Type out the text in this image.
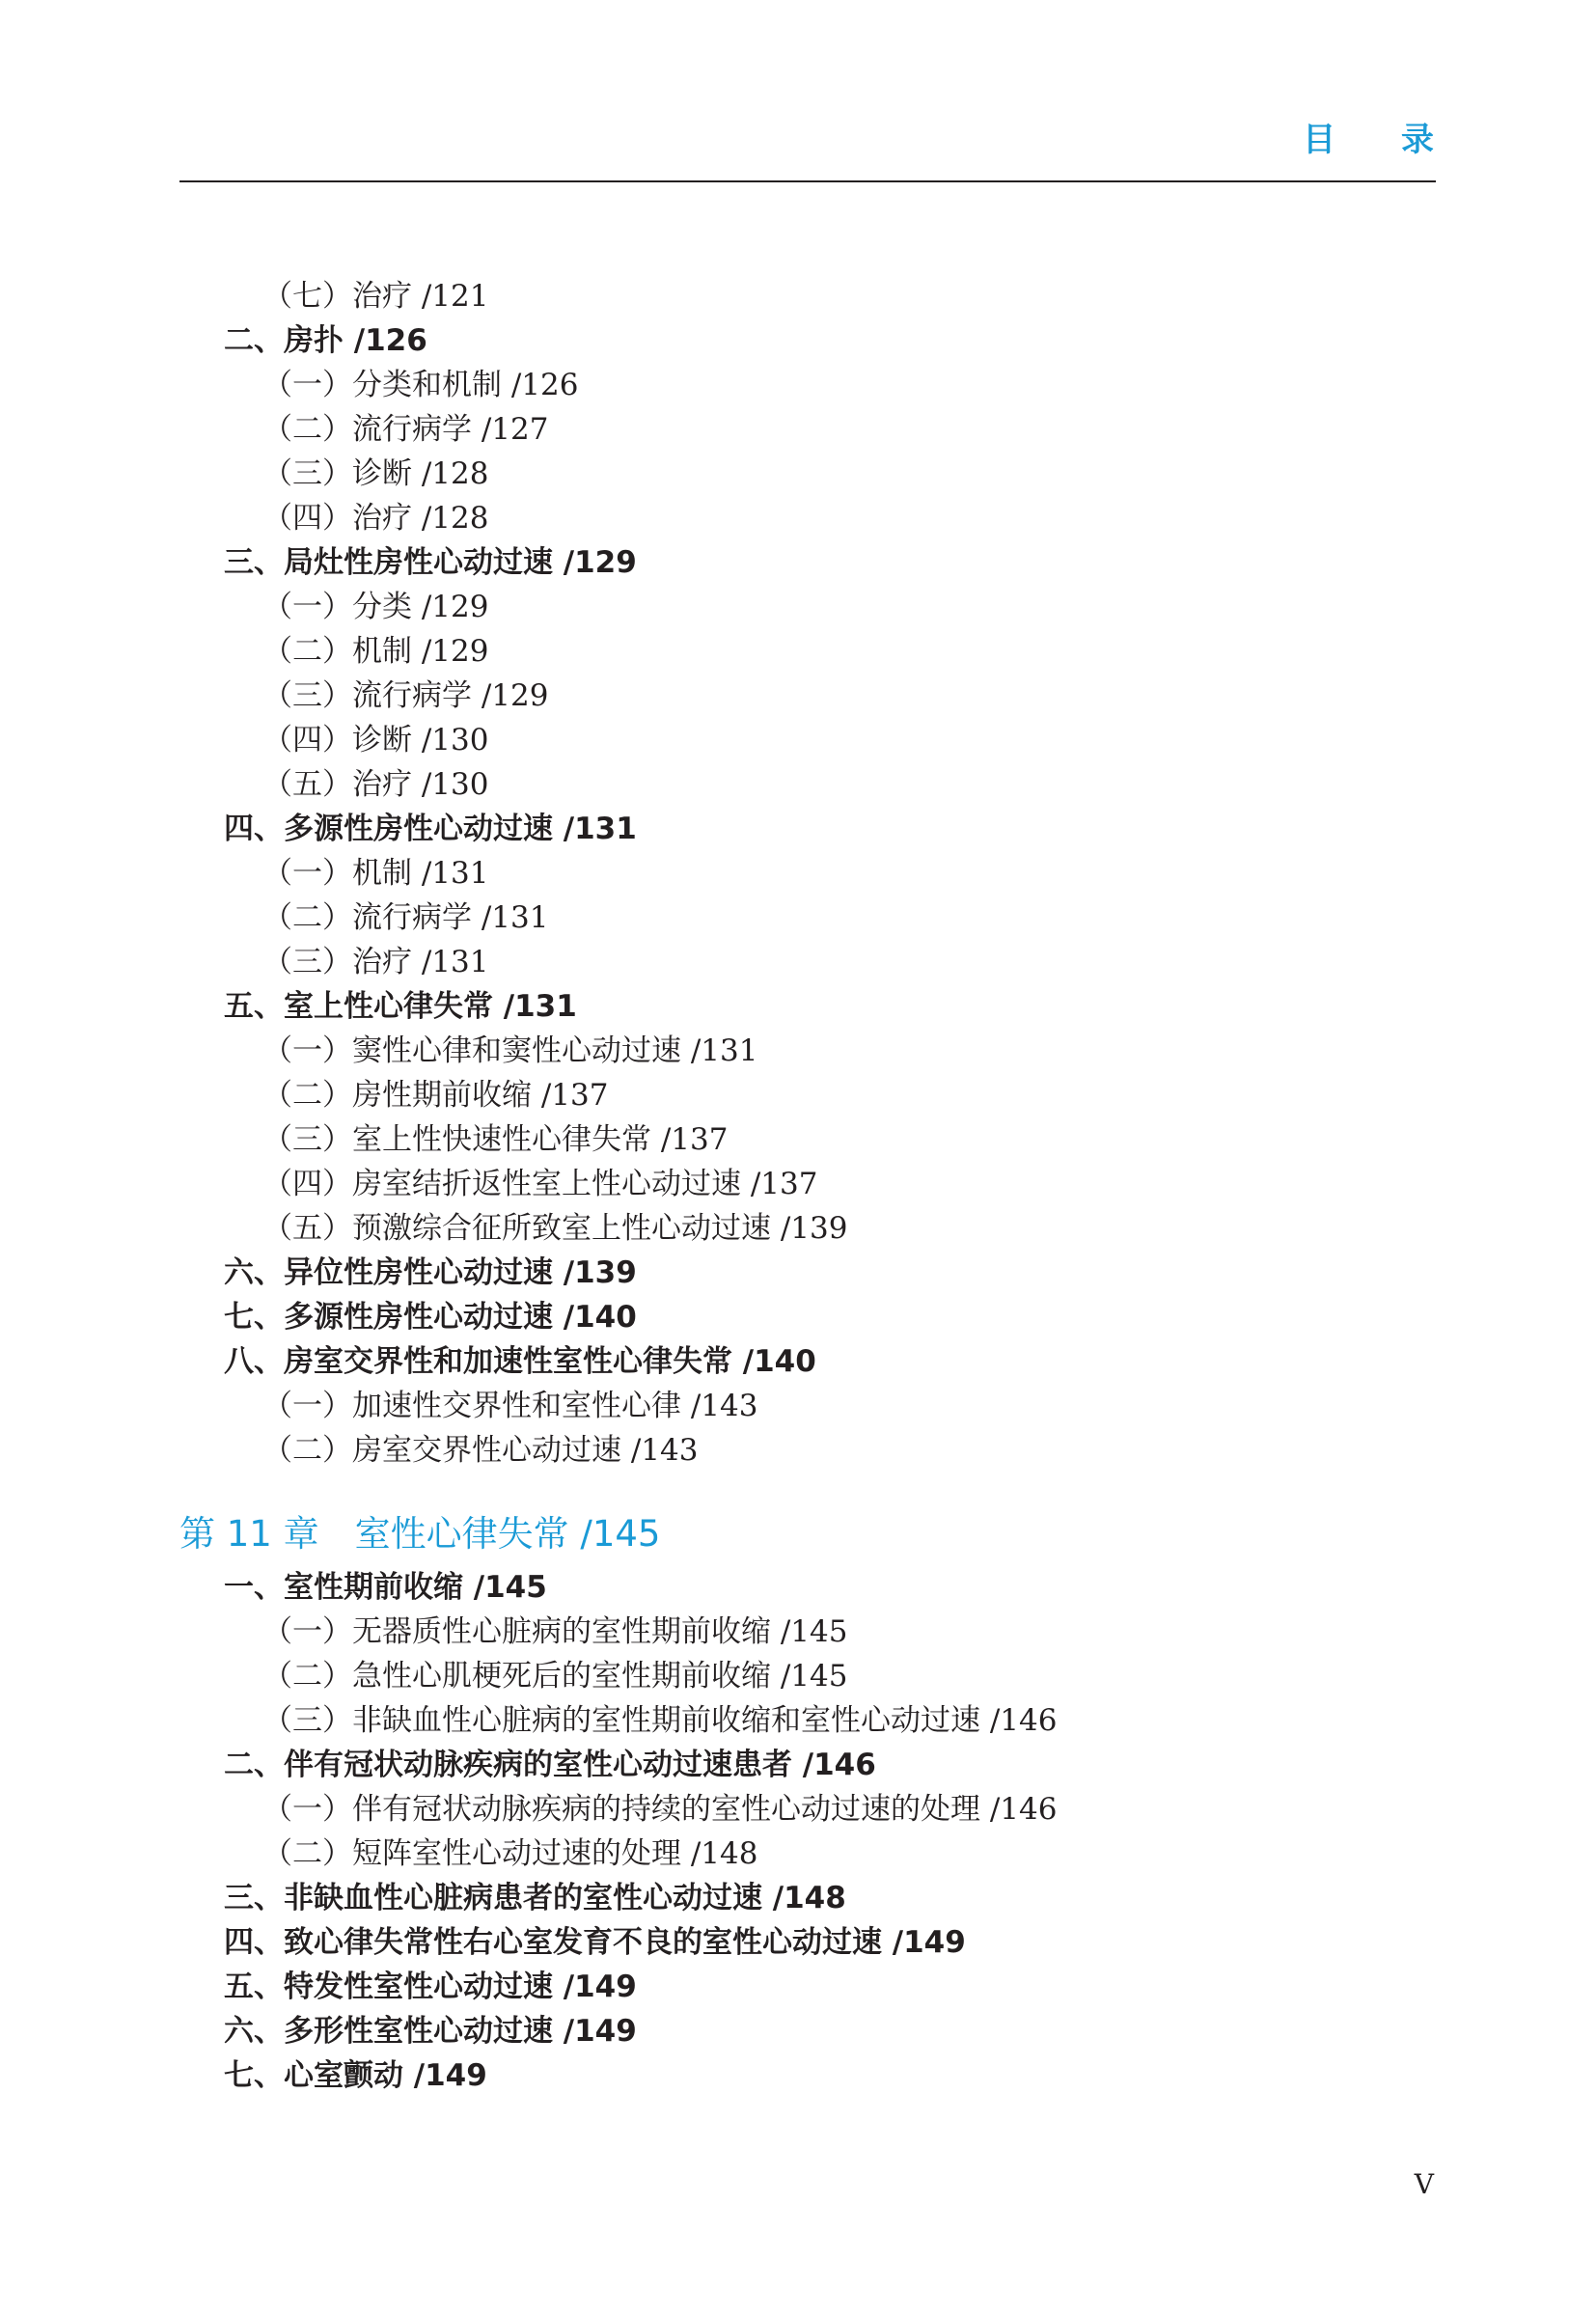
目 录
（七）治疗 /121
二、房扑 /126
（一）分类和机制 /126
（二）流行病学 /127
（三）诊断 /128
（四）治疗 /128
三、局灶性房性心动过速 /129
（一）分类 /129
（二）机制 /129
（三）流行病学 /129
（四）诊断 /130
（五）治疗 /130
四、多源性房性心动过速 /131
（一）机制 /131
（二）流行病学 /131
（三）治疗 /131
五、室上性心律失常 /131
（一）窦性心律和窦性心动过速 /131
（二）房性期前收缩 /137
（三）室上性快速性心律失常 /137
（四）房室结折返性室上性心动过速 /137
（五）预激综合征所致室上性心动过速 /139
六、异位性房性心动过速 /139
七、多源性房性心动过速 /140
八、房室交界性和加速性室性心律失常 /140
（一）加速性交界性和室性心律 /143
（二）房室交界性心动过速 /143
第 11 章　室性心律失常 /145
一、室性期前收缩 /145
（一）无器质性心脏病的室性期前收缩 /145
（二）急性心肌梗死后的室性期前收缩 /145
（三）非缺血性心脏病的室性期前收缩和室性心动过速 /146
二、伴有冠状动脉疾病的室性心动过速患者 /146
（一）伴有冠状动脉疾病的持续的室性心动过速的处理 /146
（二）短阵室性心动过速的处理 /148
三、非缺血性心脏病患者的室性心动过速 /148
四、致心律失常性右心室发育不良的室性心动过速 /149
五、特发性室性心动过速 /149
六、多形性室性心动过速 /149
七、心室颤动 /149
V
